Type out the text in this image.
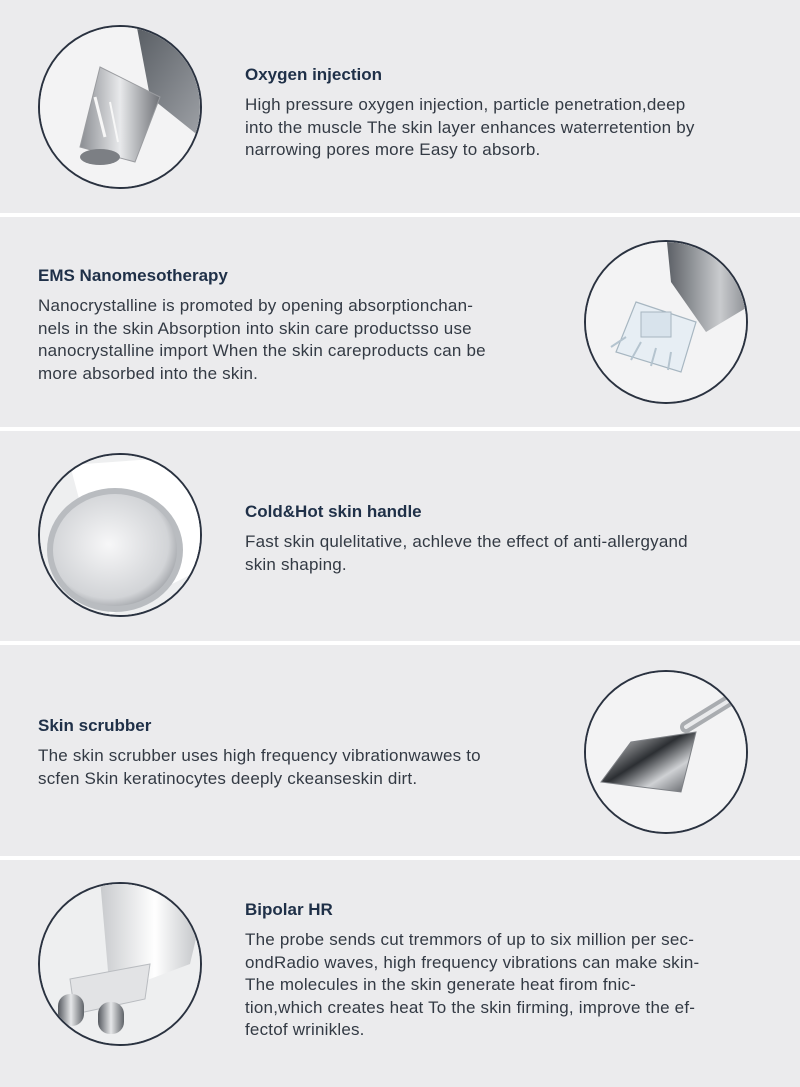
Oxygen injection

High pressure oxygen injection, particle penetration,deep
into the muscle The skin layer enhances waterretention by
narrowing pores more Easy to absorb.

EMS Nanomesotherapy

Nanocrystalline is promoted by opening absorptionchan-
nels in the skin Absorption into skin care productsso use
nanocrystalline import When the skin careproducts can be
more absorbed into the skin.

Cold&Hot skin handle

Fast skin qulelitative, achleve the effect of anti-allergyand
skin shaping.

Skin scrubber

The skin scrubber uses high frequency vibrationwawes to
scfen Skin keratinocytes deeply ckeanseskin dirt.

Bipolar HR

The probe sends cut tremmors of up to six million per sec-
ondRadio waves, high frequency vibrations can make skin-
The molecules in the skin generate heat firom fnic-
tion,which creates heat To the skin firming, improve the ef-
fectof wrinikles.
